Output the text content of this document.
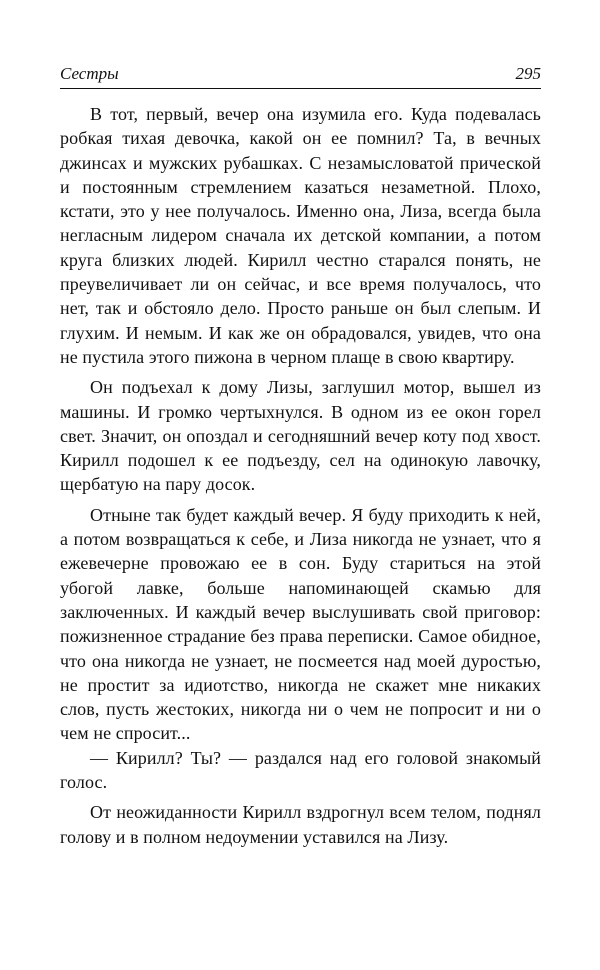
Сестры	295

В тот, первый, вечер она изумила его. Куда подевалась робкая тихая девочка, какой он ее помнил? Та, в вечных джинсах и мужских рубашках. С незамысловатой прической и постоянным стремлением казаться незаметной. Плохо, кстати, это у нее получалось. Именно она, Лиза, всегда была негласным лидером сначала их детской компании, а потом круга близких людей. Кирилл честно старался понять, не преувеличивает ли он сейчас, и все время получалось, что нет, так и обстояло дело. Просто раньше он был слепым. И глухим. И немым. И как же он обрадовался, увидев, что она не пустила этого пижона в черном плаще в свою квартиру.

Он подъехал к дому Лизы, заглушил мотор, вышел из машины. И громко чертыхнулся. В одном из ее окон горел свет. Значит, он опоздал и сегодняшний вечер коту под хвост. Кирилл подошел к ее подъезду, сел на одинокую лавочку, щербатую на пару досок.

Отныне так будет каждый вечер. Я буду приходить к ней, а потом возвращаться к себе, и Лиза никогда не узнает, что я ежевечерне провожаю ее в сон. Буду стариться на этой убогой лавке, больше напоминающей скамью для заключенных. И каждый вечер выслушивать свой приговор: пожизненное страдание без права переписки. Самое обидное, что она никогда не узнает, не посмеется над моей дуростью, не простит за идиотство, никогда не скажет мне никаких слов, пусть жестоких, никогда ни о чем не попросит и ни о чем не спросит...

— Кирилл? Ты? — раздался над его головой знакомый голос.

От неожиданности Кирилл вздрогнул всем телом, поднял голову и в полном недоумении уставился на Лизу.
